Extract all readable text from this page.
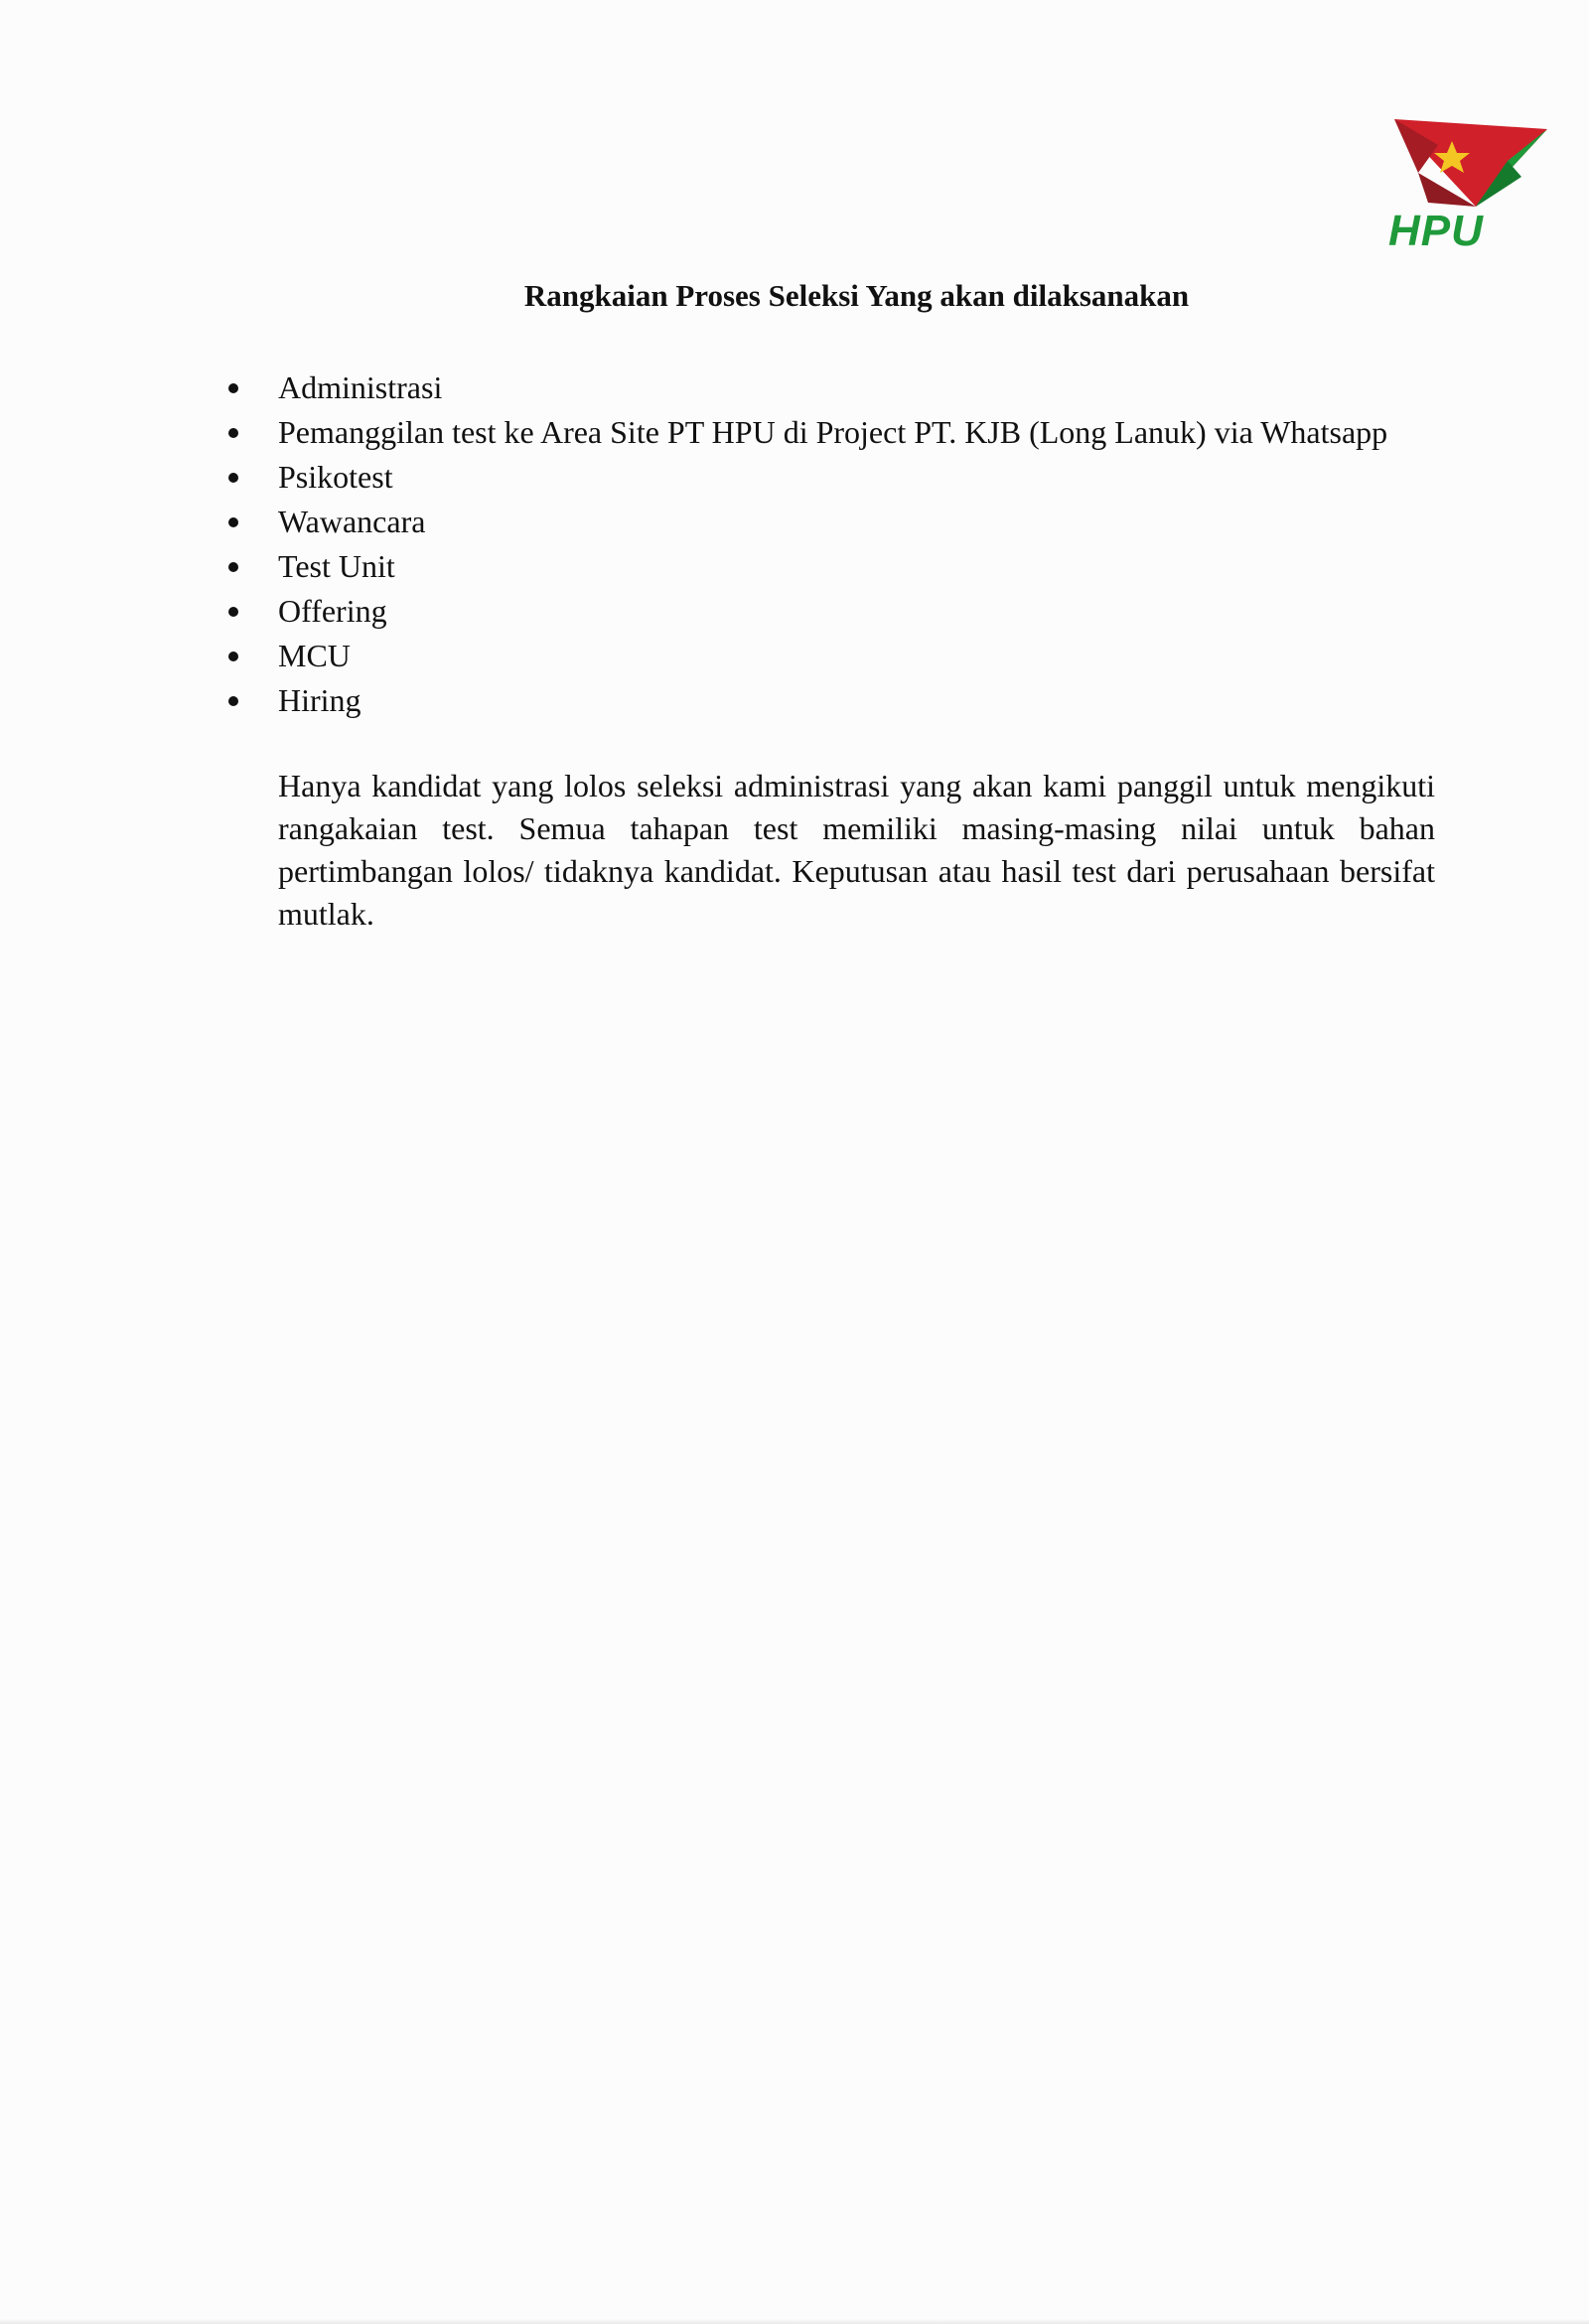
HPU
Rangkaian Proses Seleksi Yang akan dilaksanakan
Administrasi
Pemanggilan test ke Area Site PT HPU di Project PT. KJB (Long Lanuk) via Whatsapp
Psikotest
Wawancara
Test Unit
Offering
MCU
Hiring

Hanya kandidat yang lolos seleksi administrasi yang akan kami panggil untuk mengikuti rangakaian test. Semua tahapan test memiliki masing-masing nilai untuk bahan pertimbangan lolos/ tidaknya kandidat. Keputusan atau hasil test dari perusahaan bersifat mutlak.
